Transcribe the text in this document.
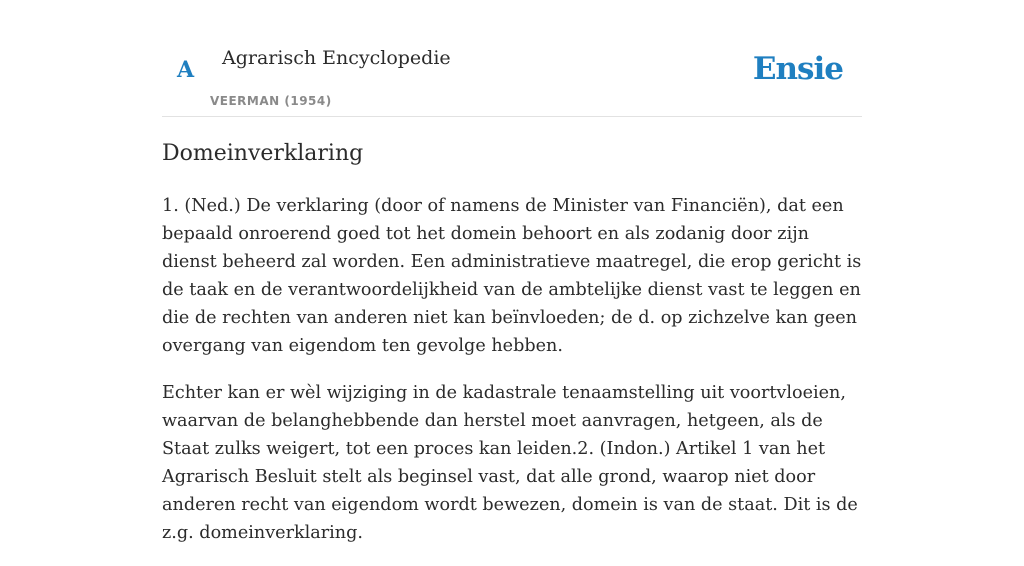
A Agrarisch Encyclopedie
VEERMAN (1954)
Ensie
Domeinverklaring

1. (Ned.) De verklaring (door of namens de Minister van Financiën), dat een bepaald onroerend goed tot het domein behoort en als zodanig door zijn dienst beheerd zal worden. Een administratieve maatregel, die erop gericht is de taak en de verantwoordelijkheid van de ambtelijke dienst vast te leggen en die de rechten van anderen niet kan beïnvloeden; de d. op zichzelve kan geen overgang van eigendom ten gevolge hebben.

Echter kan er wèl wijziging in de kadastrale tenaamstelling uit voortvloeien, waarvan de belanghebbende dan herstel moet aanvragen, hetgeen, als de Staat zulks weigert, tot een proces kan leiden.2. (Indon.) Artikel 1 van het Agrarisch Besluit stelt als beginsel vast, dat alle grond, waarop niet door anderen recht van eigendom wordt bewezen, domein is van de staat. Dit is de z.g. domeinverklaring.
